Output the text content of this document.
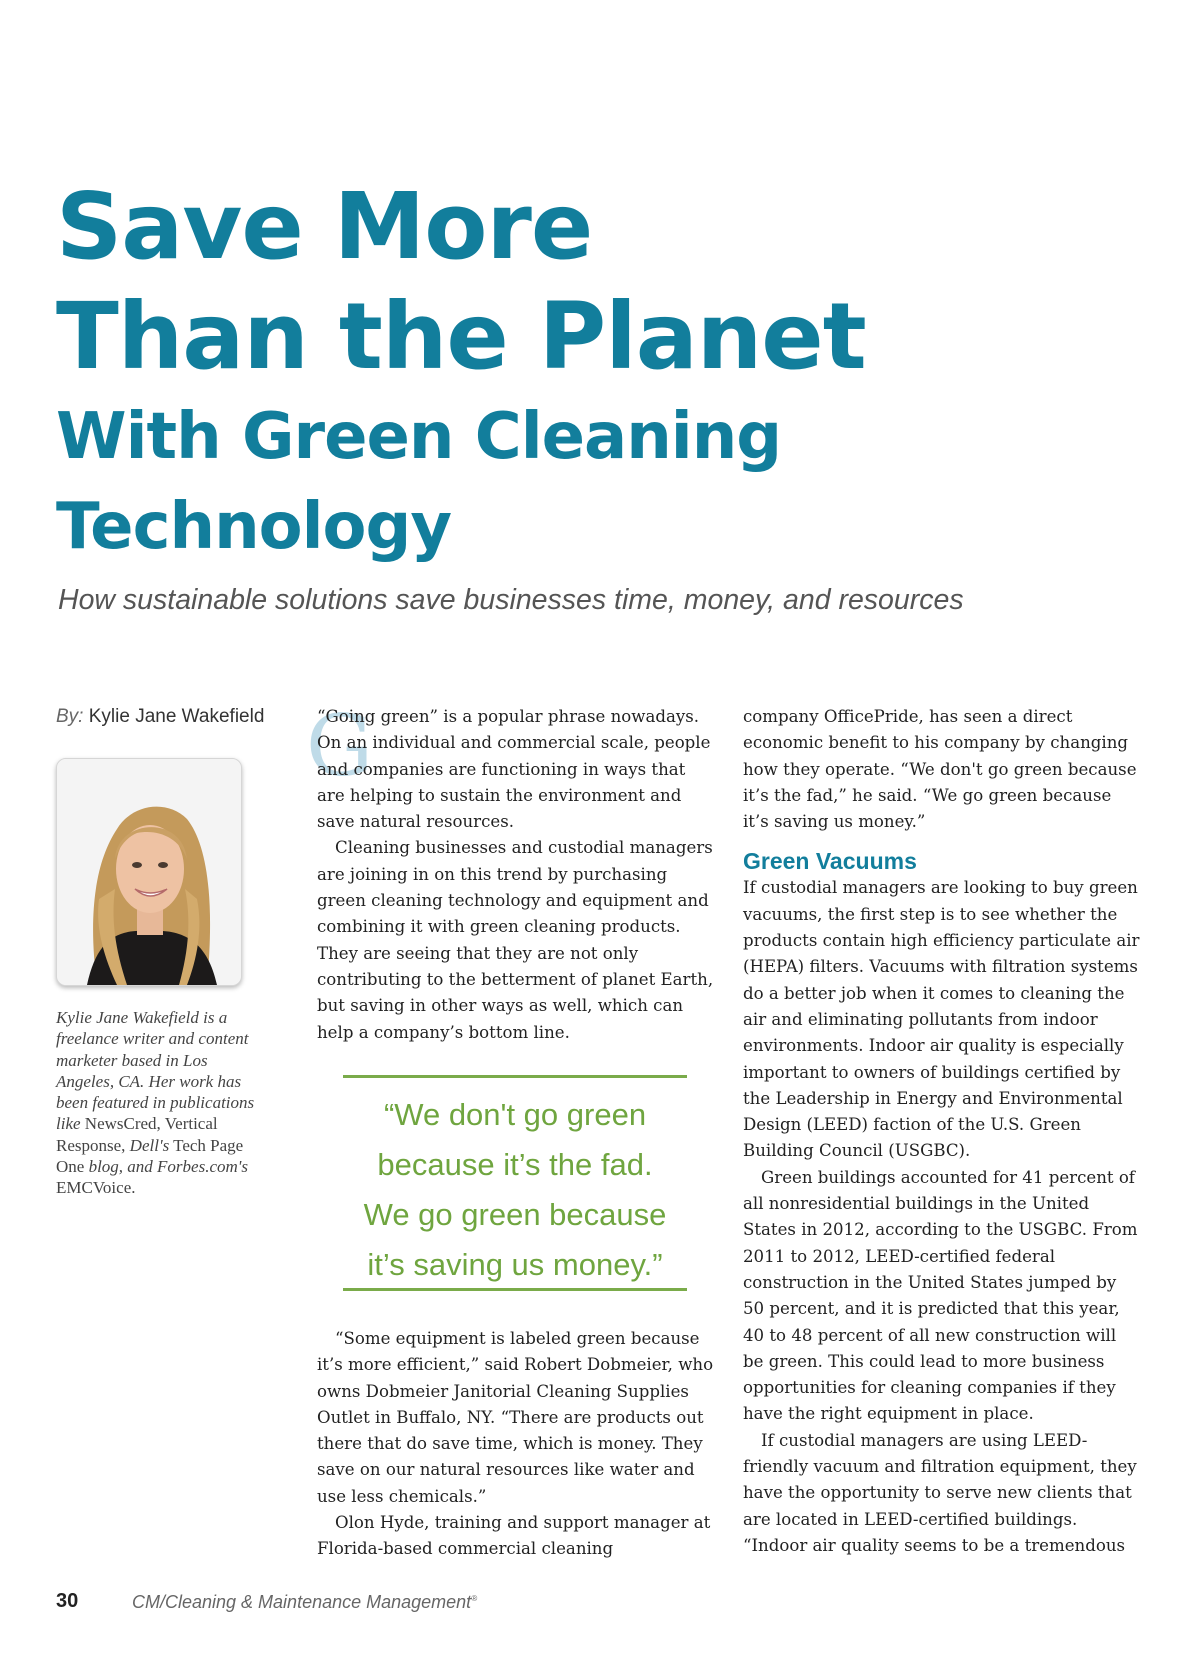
Save More
Than the Planet
With Green Cleaning
Technology

How sustainable solutions save businesses time, money, and resources

By: Kylie Jane Wakefield
Kylie Jane Wakefield is a freelance writer and content marketer based in Los Angeles, CA. Her work has been featured in publications like NewsCred, Vertical Response, Dell's Tech Page One blog, and Forbes.com's EMCVoice.
G

“Going green” is a popular phrase nowadays. On an individual and commercial scale, people and companies are functioning in ways that are helping to sustain the environment and save natural resources.

Cleaning businesses and custodial managers are joining in on this trend by purchasing green cleaning technology and equipment and combining it with green cleaning products. They are seeing that they are not only contributing to the betterment of planet Earth, but saving in other ways as well, which can help a company’s bottom line.

“We don't go green
because it’s the fad.
We go green because
it’s saving us money.”

“Some equipment is labeled green because it’s more efficient,” said Robert Dobmeier, who owns Dobmeier Janitorial Cleaning Supplies Outlet in Buffalo, NY. “There are products out there that do save time, which is money. They save on our natural resources like water and use less chemicals.”

Olon Hyde, training and support manager at Florida-based commercial cleaning

company OfficePride, has seen a direct economic benefit to his company by changing how they operate. “We don't go green because it’s the fad,” he said. “We go green because it’s saving us money.”

Green Vacuums

If custodial managers are looking to buy green vacuums, the first step is to see whether the products contain high efficiency particulate air (HEPA) filters. Vacuums with filtration systems do a better job when it comes to cleaning the air and eliminating pollutants from indoor environments. Indoor air quality is especially important to owners of buildings certified by the Leadership in Energy and Environmental Design (LEED) faction of the U.S. Green Building Council (USGBC).

Green buildings accounted for 41 percent of all nonresidential buildings in the United States in 2012, according to the USGBC. From 2011 to 2012, LEED-certified federal construction in the United States jumped by 50 percent, and it is predicted that this year, 40 to 48 percent of all new construction will be green. This could lead to more business opportunities for cleaning companies if they have the right equipment in place.

If custodial managers are using LEED-friendly vacuum and filtration equipment, they have the opportunity to serve new clients that are located in LEED-certified buildings. “Indoor air quality seems to be a tremendous

30	CM/Cleaning & Maintenance Management®
